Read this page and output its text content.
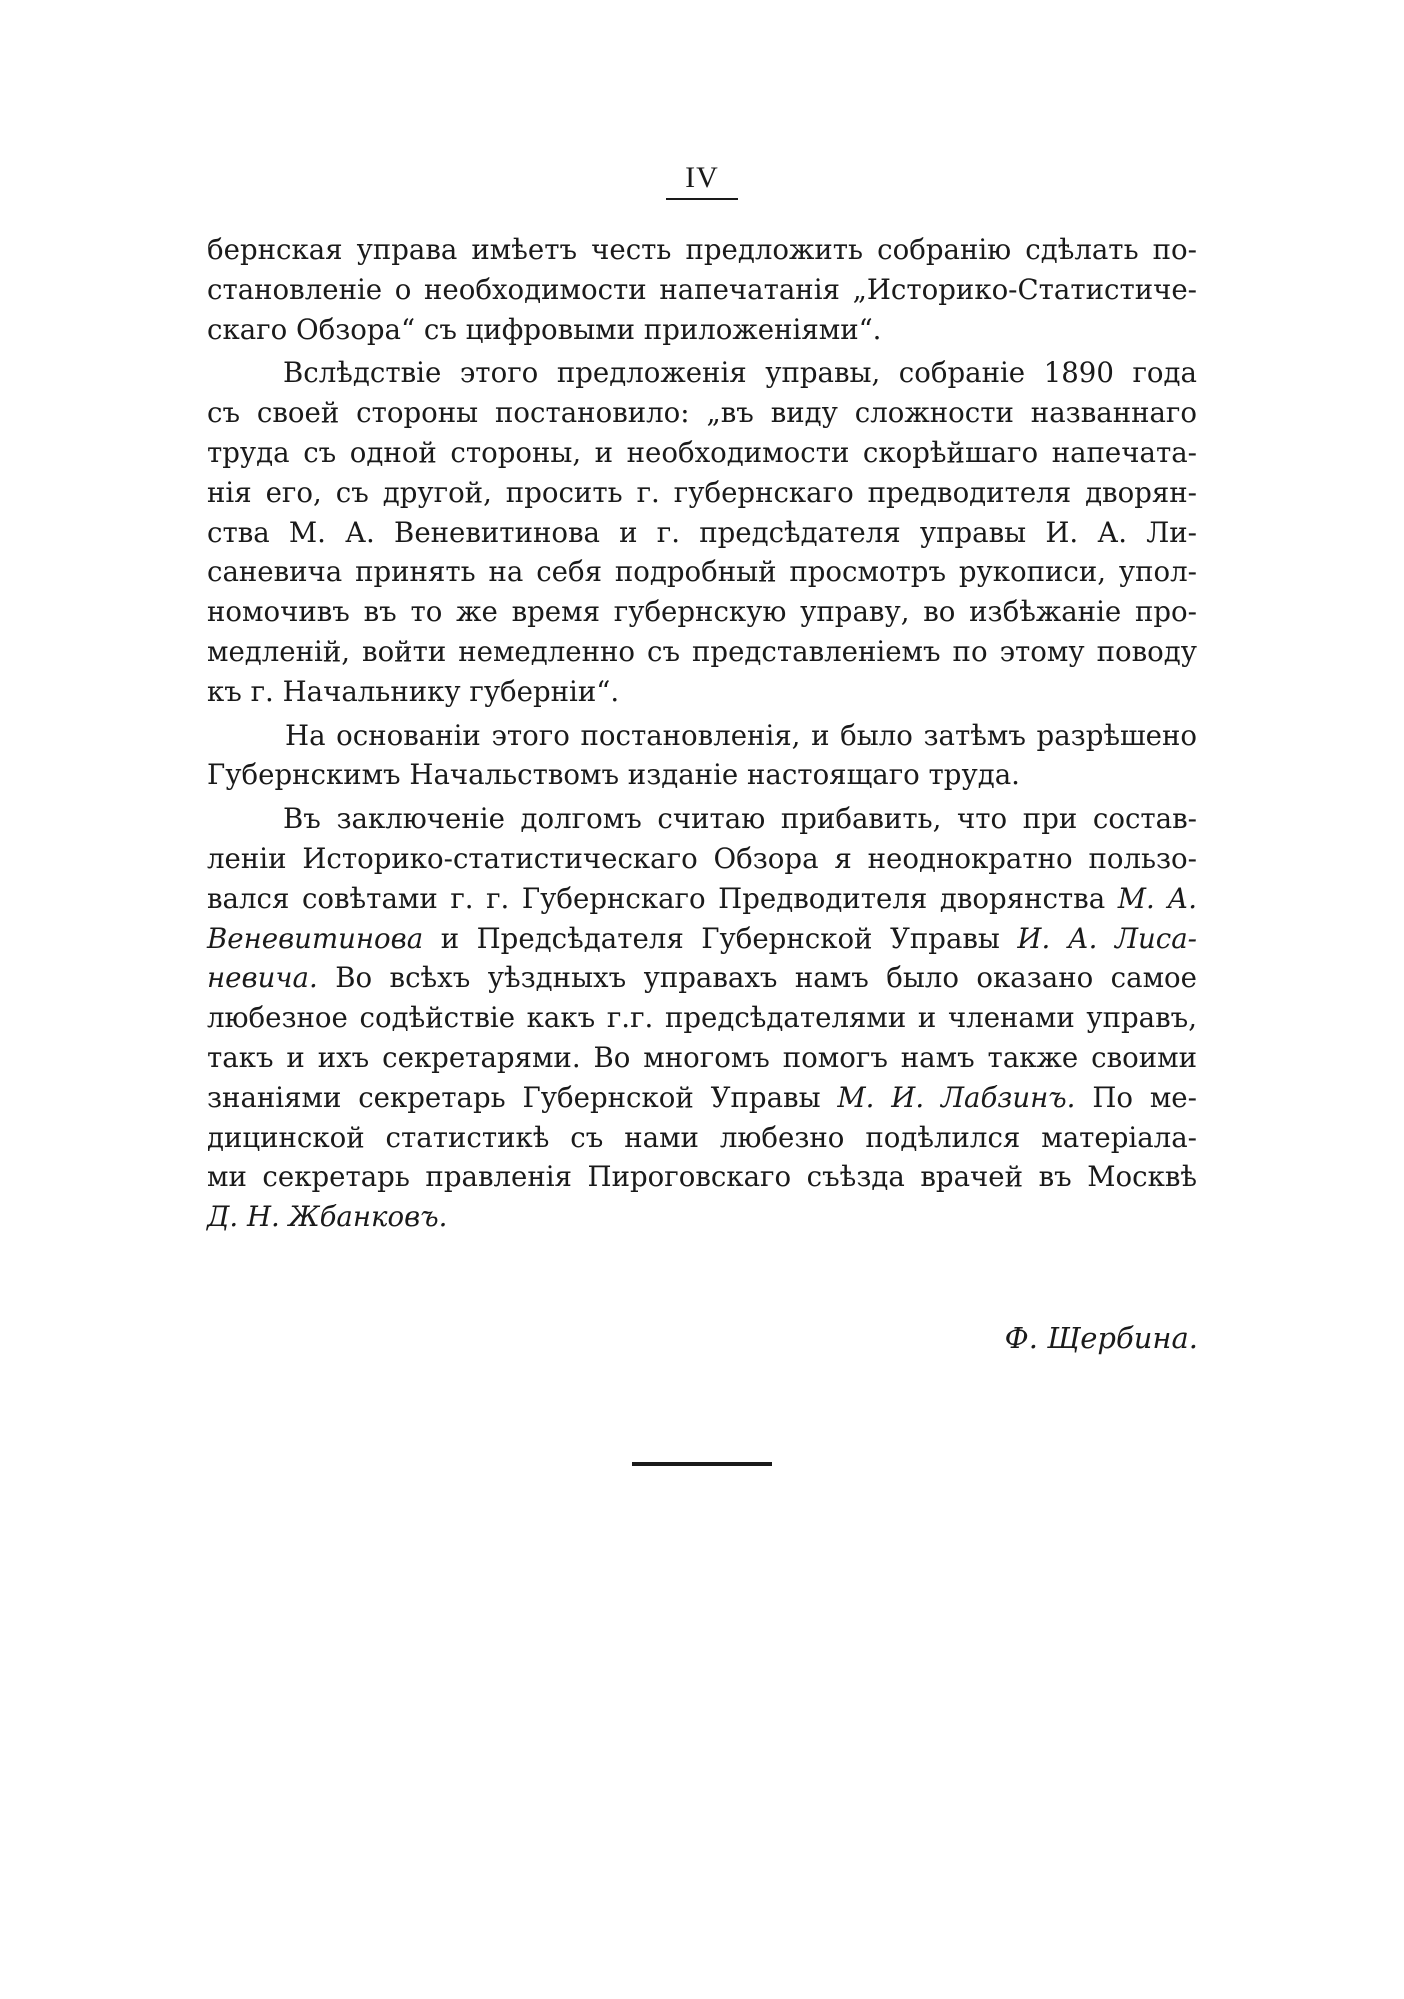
IV
бернская управа имѣетъ честь предложить собранію сдѣлать по-
становленіе о необходимости напечатанія „Историко-Статистиче-
скаго Обзора“ съ цифровыми приложеніями“.
Вслѣдствіе этого предложенія управы, собраніе 1890 года
съ своей стороны постановило: „въ виду сложности названнаго
труда съ одной стороны, и необходимости скорѣйшаго напечата-
нія его, съ другой, просить г. губернскаго предводителя дворян-
ства М. А. Веневитинова и г. предсѣдателя управы И. А. Ли-
саневича принять на себя подробный просмотръ рукописи, упол-
номочивъ въ то же время губернскую управу, во избѣжаніе про-
медленій, войти немедленно съ представленіемъ по этому поводу
къ г. Начальнику губерніи“.
На основаніи этого постановленія, и было затѣмъ разрѣшено
Губернскимъ Начальствомъ изданіе настоящаго труда.
Въ заключеніе долгомъ считаю прибавить, что при состав-
леніи Историко-статистическаго Обзора я неоднократно пользо-
вался совѣтами г. г. Губернскаго Предводителя дворянства М. А.
Веневитинова и Предсѣдателя Губернской Управы И. А. Лиса-
невича. Во всѣхъ уѣздныхъ управахъ намъ было оказано самое
любезное содѣйствіе какъ г.г. предсѣдателями и членами управъ,
такъ и ихъ секретарями. Во многомъ помогъ намъ также своими
знаніями секретарь Губернской Управы М. И. Лабзинъ. По ме-
дицинской статистикѣ съ нами любезно подѣлился матеріала-
ми секретарь правленія Пироговскаго съѣзда врачей въ Москвѣ
Д. Н. Жбанковъ.
Ф. Щербина.
